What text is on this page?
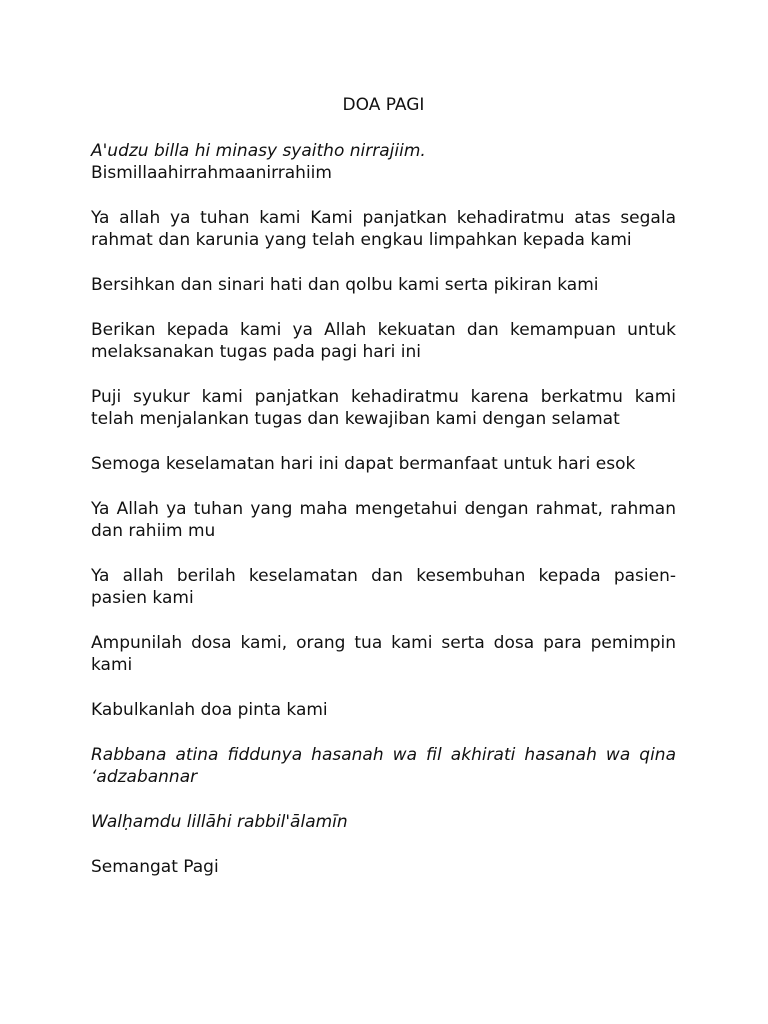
DOA PAGI
A'udzu billa hi minasy syaitho nirrajiim.
Bismillaahirrahmaanirrahiim

Ya allah ya tuhan kami Kami panjatkan kehadiratmu atas segala rahmat dan karunia yang telah engkau limpahkan kepada kami

Bersihkan dan sinari hati dan qolbu kami serta pikiran kami

Berikan kepada kami ya Allah kekuatan dan kemampuan untuk melaksanakan tugas pada pagi hari ini

Puji syukur kami panjatkan kehadiratmu karena berkatmu kami telah menjalankan tugas dan kewajiban kami dengan selamat

Semoga keselamatan hari ini dapat bermanfaat untuk hari esok

Ya Allah ya tuhan yang maha mengetahui dengan rahmat, rahman dan rahiim mu

Ya allah berilah keselamatan dan kesembuhan kepada pasien-pasien kami

Ampunilah dosa kami, orang tua kami serta dosa para pemimpin kami

Kabulkanlah doa pinta kami

Rabbana atina fiddunya hasanah wa fil akhirati hasanah wa qina ‘adzabannar

Walḥamdu lillāhi rabbil'ālamīn

Semangat Pagi
